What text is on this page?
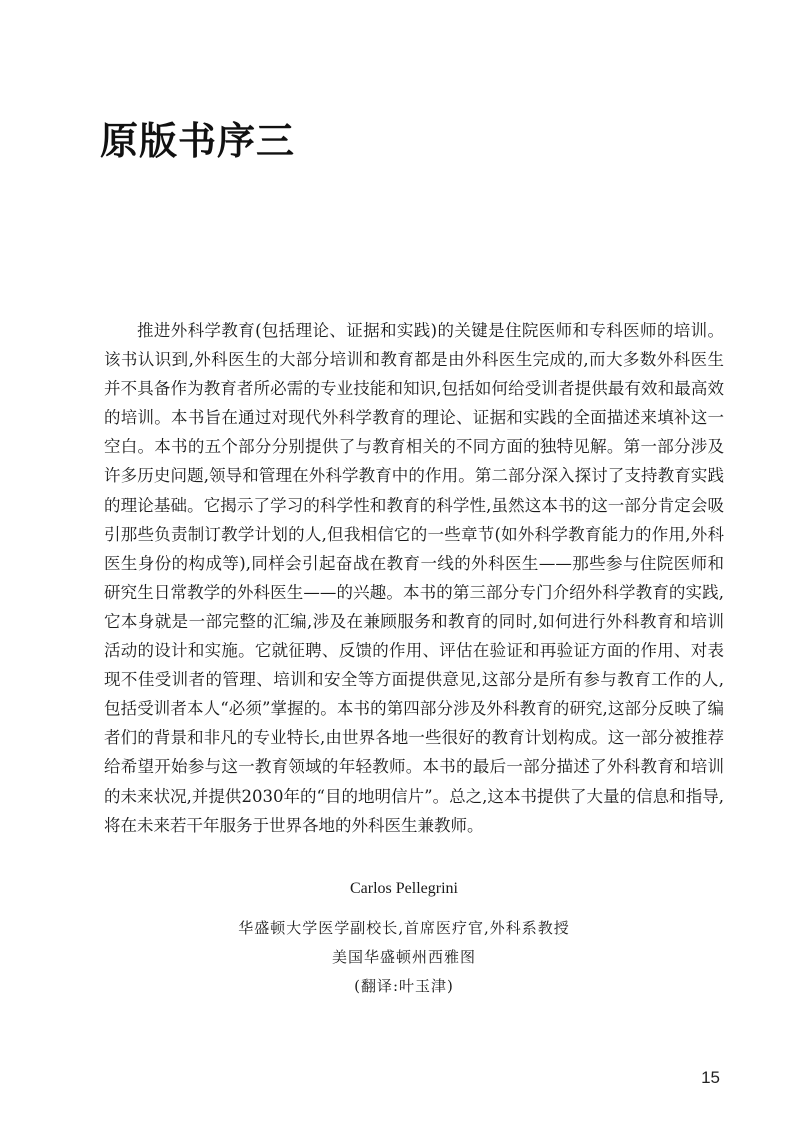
原版书序三

推进外科学教育(包括理论、证据和实践)的关键是住院医师和专科医师的培训。该书认识到,外科医生的大部分培训和教育都是由外科医生完成的,而大多数外科医生并不具备作为教育者所必需的专业技能和知识,包括如何给受训者提供最有效和最高效的培训。本书旨在通过对现代外科学教育的理论、证据和实践的全面描述来填补这一空白。本书的五个部分分别提供了与教育相关的不同方面的独特见解。第一部分涉及许多历史问题,领导和管理在外科学教育中的作用。第二部分深入探讨了支持教育实践的理论基础。它揭示了学习的科学性和教育的科学性,虽然这本书的这一部分肯定会吸引那些负责制订教学计划的人,但我相信它的一些章节(如外科学教育能力的作用,外科医生身份的构成等),同样会引起奋战在教育一线的外科医生——那些参与住院医师和研究生日常教学的外科医生——的兴趣。本书的第三部分专门介绍外科学教育的实践,它本身就是一部完整的汇编,涉及在兼顾服务和教育的同时,如何进行外科教育和培训活动的设计和实施。它就征聘、反馈的作用、评估在验证和再验证方面的作用、对表现不佳受训者的管理、培训和安全等方面提供意见,这部分是所有参与教育工作的人,包括受训者本人“必须”掌握的。本书的第四部分涉及外科教育的研究,这部分反映了编者们的背景和非凡的专业特长,由世界各地一些很好的教育计划构成。这一部分被推荐给希望开始参与这一教育领域的年轻教师。本书的最后一部分描述了外科教育和培训的未来状况,并提供2030年的“目的地明信片”。总之,这本书提供了大量的信息和指导,将在未来若干年服务于世界各地的外科医生兼教师。

Carlos Pellegrini
华盛顿大学医学副校长,首席医疗官,外科系教授
美国华盛顿州西雅图
(翻译:叶玉津)
15
